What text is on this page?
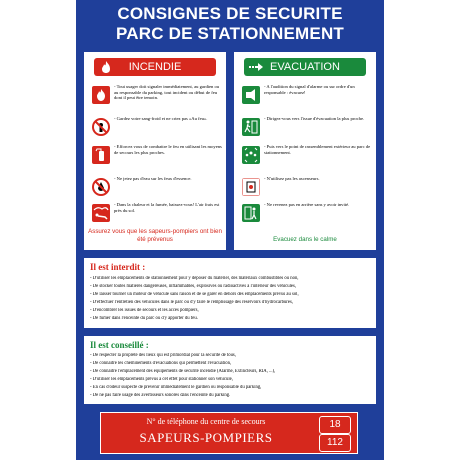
CONSIGNES DE SECURITE
PARC DE STATIONNEMENT
INCENDIE
- Tout usager doit signaler immédiatement, au gardien ou au responsable du parking, tout incident ou début de feu dont il peut être temoin.
- Gardez votre sang-froid et ne criez pas «Au feu».
- Efforcez vous de combattre le feu en utilisant les moyens de secours les plus proches.
- Ne jetez pas d'eau sur les feux d'essence.
- Dans la chaleur et la fumée, baissez-vous! L'air frais est près du sol.
Assurez vous que les sapeurs-pompiers ont bien été prévenus
EVACUATION
- A l'audition du signal d'alarme ou sur ordre d'un responsable : évacuez!
- Dirigez-vous vers l'issue d'évacuation la plus proche.
- Puis vers le point de rassemblement extérieur au parc de stationnement.
- N'utilisez pas les ascenseurs.
- Ne revenez pas en arrière sans y avoir invité.
Evacuez dans le calme
Il est interdit :
- D'utiliser les emplacements de stationnement pour y déposer du matériel, des matériaux combustibles ou non,
- De stocker toutes matières dangereuses, inflammables, explosives ou radioactives à l'intérieur des véhicules,
- De laisser tourner un moteur de véhicule sans raison et de se garer en dehors des emplacements prévus au sol,
- D'effectuer l'entretien des véhicules dans le parc ou d'y faire le remplissage des réservoirs d'hydrocarbures,
- D'encombrer les issues de secours et les accès pompiers,
- De fumer dans l'enceinte du parc ou d'y apporter du feu.
Il est conseillé :
- De respecter la propreté des lieux qui est primordial pour la sécurité de tous,
- De connaître les cheminements d'évacuations qui permettent l'évacuation,
- De connaître l'emplacement des équipements de sécurité incendie (Alarme, Extincteurs, RIA, ...),
- D'utiliser les emplacements prévus à cet effet pour stationner son véhicule,
- En cas d'odeur suspecte de prévenir immédiatement le gardien ou responsable du parking,
- De ne pas faire usage des avertisseurs sonores dans l'enceinte du parking.
N° de téléphone du centre de secours
SAPEURS-POMPIERS
18
112
